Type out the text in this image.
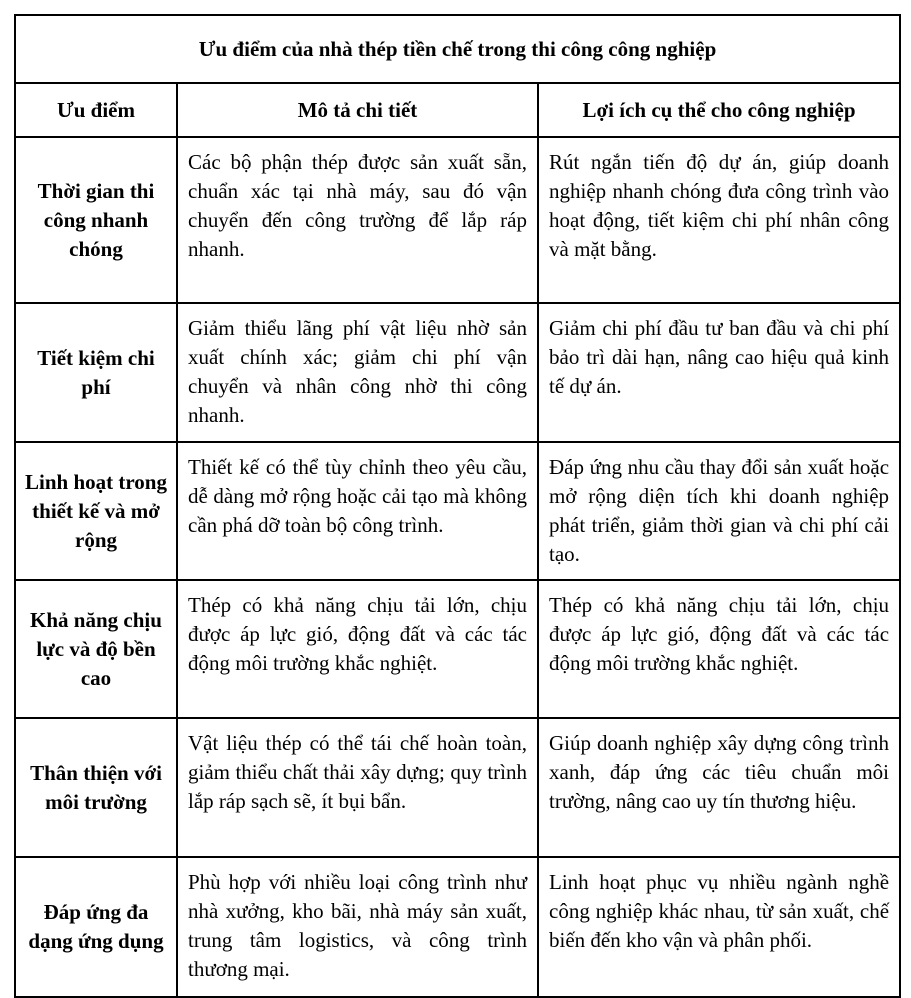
Ưu điểm của nhà thép tiền chế trong thi công công nghiệp		
Ưu điểm	Mô tả chi tiết	Lợi ích cụ thể cho công nghiệp
Thời gian thi công nhanh chóng	Các bộ phận thép được sản xuất sẵn, chuẩn xác tại nhà máy, sau đó vận chuyển đến công trường để lắp ráp nhanh.	Rút ngắn tiến độ dự án, giúp doanh nghiệp nhanh chóng đưa công trình vào hoạt động, tiết kiệm chi phí nhân công và mặt bằng.
Tiết kiệm chi phí	Giảm thiểu lãng phí vật liệu nhờ sản xuất chính xác; giảm chi phí vận chuyển và nhân công nhờ thi công nhanh.	Giảm chi phí đầu tư ban đầu và chi phí bảo trì dài hạn, nâng cao hiệu quả kinh tế dự án.
Linh hoạt trong thiết kế và mở rộng	Thiết kế có thể tùy chỉnh theo yêu cầu, dễ dàng mở rộng hoặc cải tạo mà không cần phá dỡ toàn bộ công trình.	Đáp ứng nhu cầu thay đổi sản xuất hoặc mở rộng diện tích khi doanh nghiệp phát triển, giảm thời gian và chi phí cải tạo.
Khả năng chịu lực và độ bền cao	Thép có khả năng chịu tải lớn, chịu được áp lực gió, động đất và các tác động môi trường khắc nghiệt.	Thép có khả năng chịu tải lớn, chịu được áp lực gió, động đất và các tác động môi trường khắc nghiệt.
Thân thiện với môi trường	Vật liệu thép có thể tái chế hoàn toàn, giảm thiểu chất thải xây dựng; quy trình lắp ráp sạch sẽ, ít bụi bẩn.	Giúp doanh nghiệp xây dựng công trình xanh, đáp ứng các tiêu chuẩn môi trường, nâng cao uy tín thương hiệu.
Đáp ứng đa dạng ứng dụng	Phù hợp với nhiều loại công trình như nhà xưởng, kho bãi, nhà máy sản xuất, trung tâm logistics, và công trình thương mại.	Linh hoạt phục vụ nhiều ngành nghề công nghiệp khác nhau, từ sản xuất, chế biến đến kho vận và phân phối.
